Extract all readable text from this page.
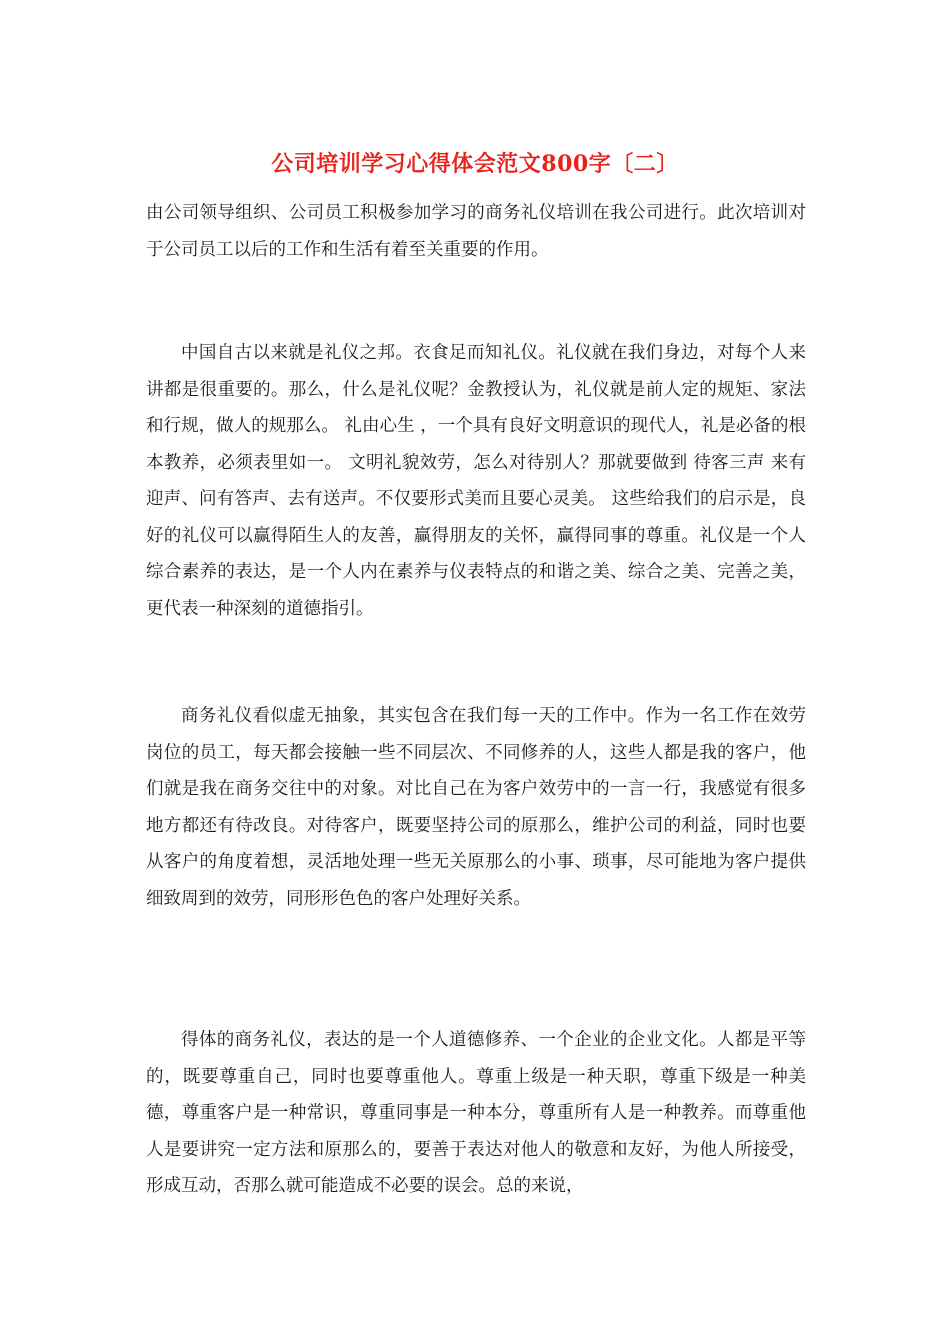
公司培训学习心得体会范文800字〔二〕

由公司领导组织、公司员工积极参加学习的商务礼仪培训在我公司进行。此次培训对于公司员工以后的工作和生活有着至关重要的作用。

中国自古以来就是礼仪之邦。衣食足而知礼仪。礼仪就在我们身边，对每个人来讲都是很重要的。那么，什么是礼仪呢？金教授认为，礼仪就是前人定的规矩、家法和行规，做人的规那么。 礼由心生 ，一个具有良好文明意识的现代人，礼是必备的根本教养，必须表里如一。 文明礼貌效劳，怎么对待别人？那就要做到 待客三声 来有迎声、问有答声、去有送声。不仅要形式美而且要心灵美。 这些给我们的启示是，良好的礼仪可以赢得陌生人的友善，赢得朋友的关怀，赢得同事的尊重。礼仪是一个人综合素养的表达，是一个人内在素养与仪表特点的和谐之美、综合之美、完善之美，更代表一种深刻的道德指引。

商务礼仪看似虚无抽象，其实包含在我们每一天的工作中。作为一名工作在效劳岗位的员工，每天都会接触一些不同层次、不同修养的人，这些人都是我的客户，他们就是我在商务交往中的对象。对比自己在为客户效劳中的一言一行，我感觉有很多地方都还有待改良。对待客户，既要坚持公司的原那么，维护公司的利益，同时也要从客户的角度着想，灵活地处理一些无关原那么的小事、琐事，尽可能地为客户提供细致周到的效劳，同形形色色的客户处理好关系。

得体的商务礼仪，表达的是一个人道德修养、一个企业的企业文化。人都是平等的，既要尊重自己，同时也要尊重他人。尊重上级是一种天职，尊重下级是一种美德，尊重客户是一种常识，尊重同事是一种本分，尊重所有人是一种教养。而尊重他人是要讲究一定方法和原那么的，要善于表达对他人的敬意和友好，为他人所接受，形成互动，否那么就可能造成不必要的误会。总的来说，
